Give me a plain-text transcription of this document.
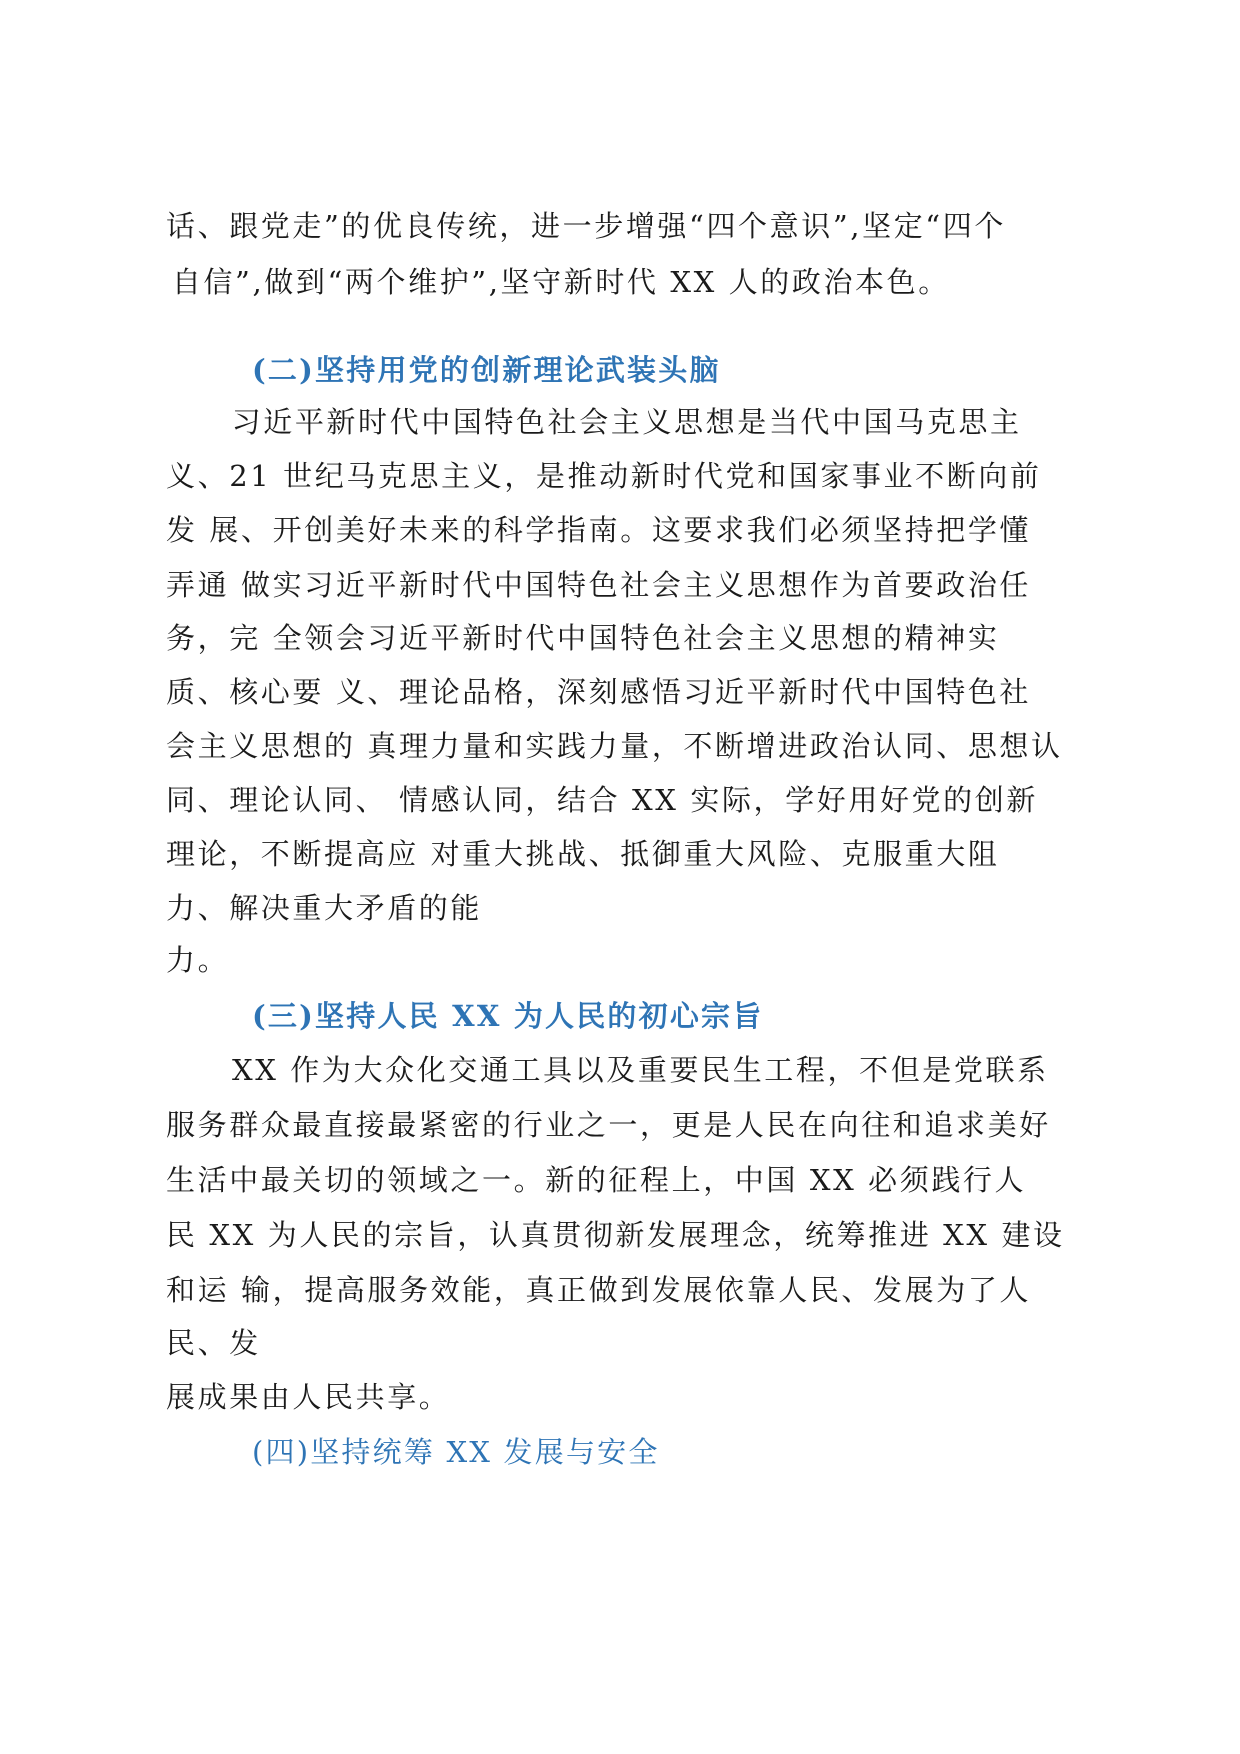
话、跟党走”的优良传统，进一步增强“四个意识”,坚定“四个
自信”,做到“两个维护”,坚守新时代 XX 人的政治本色。
(二)坚持用党的创新理论武装头脑
习近平新时代中国特色社会主义思想是当代中国马克思主
义、21 世纪马克思主义，是推动新时代党和国家事业不断向前
发 展、开创美好未来的科学指南。这要求我们必须坚持把学懂
弄通 做实习近平新时代中国特色社会主义思想作为首要政治任
务，完 全领会习近平新时代中国特色社会主义思想的精神实
质、核心要 义、理论品格，深刻感悟习近平新时代中国特色社
会主义思想的 真理力量和实践力量，不断增进政治认同、思想认
同、理论认同、 情感认同，结合 XX 实际，学好用好党的创新
理论，不断提高应 对重大挑战、抵御重大风险、克服重大阻
力、解决重大矛盾的能
力。
(三)坚持人民 XX 为人民的初心宗旨
XX 作为大众化交通工具以及重要民生工程，不但是党联系
服务群众最直接最紧密的行业之一，更是人民在向往和追求美好
生活中最关切的领域之一。新的征程上，中国 XX 必须践行人
民 XX 为人民的宗旨，认真贯彻新发展理念，统筹推进 XX 建设
和运 输，提高服务效能，真正做到发展依靠人民、发展为了人
民、发
展成果由人民共享。
(四)坚持统筹 XX 发展与安全
